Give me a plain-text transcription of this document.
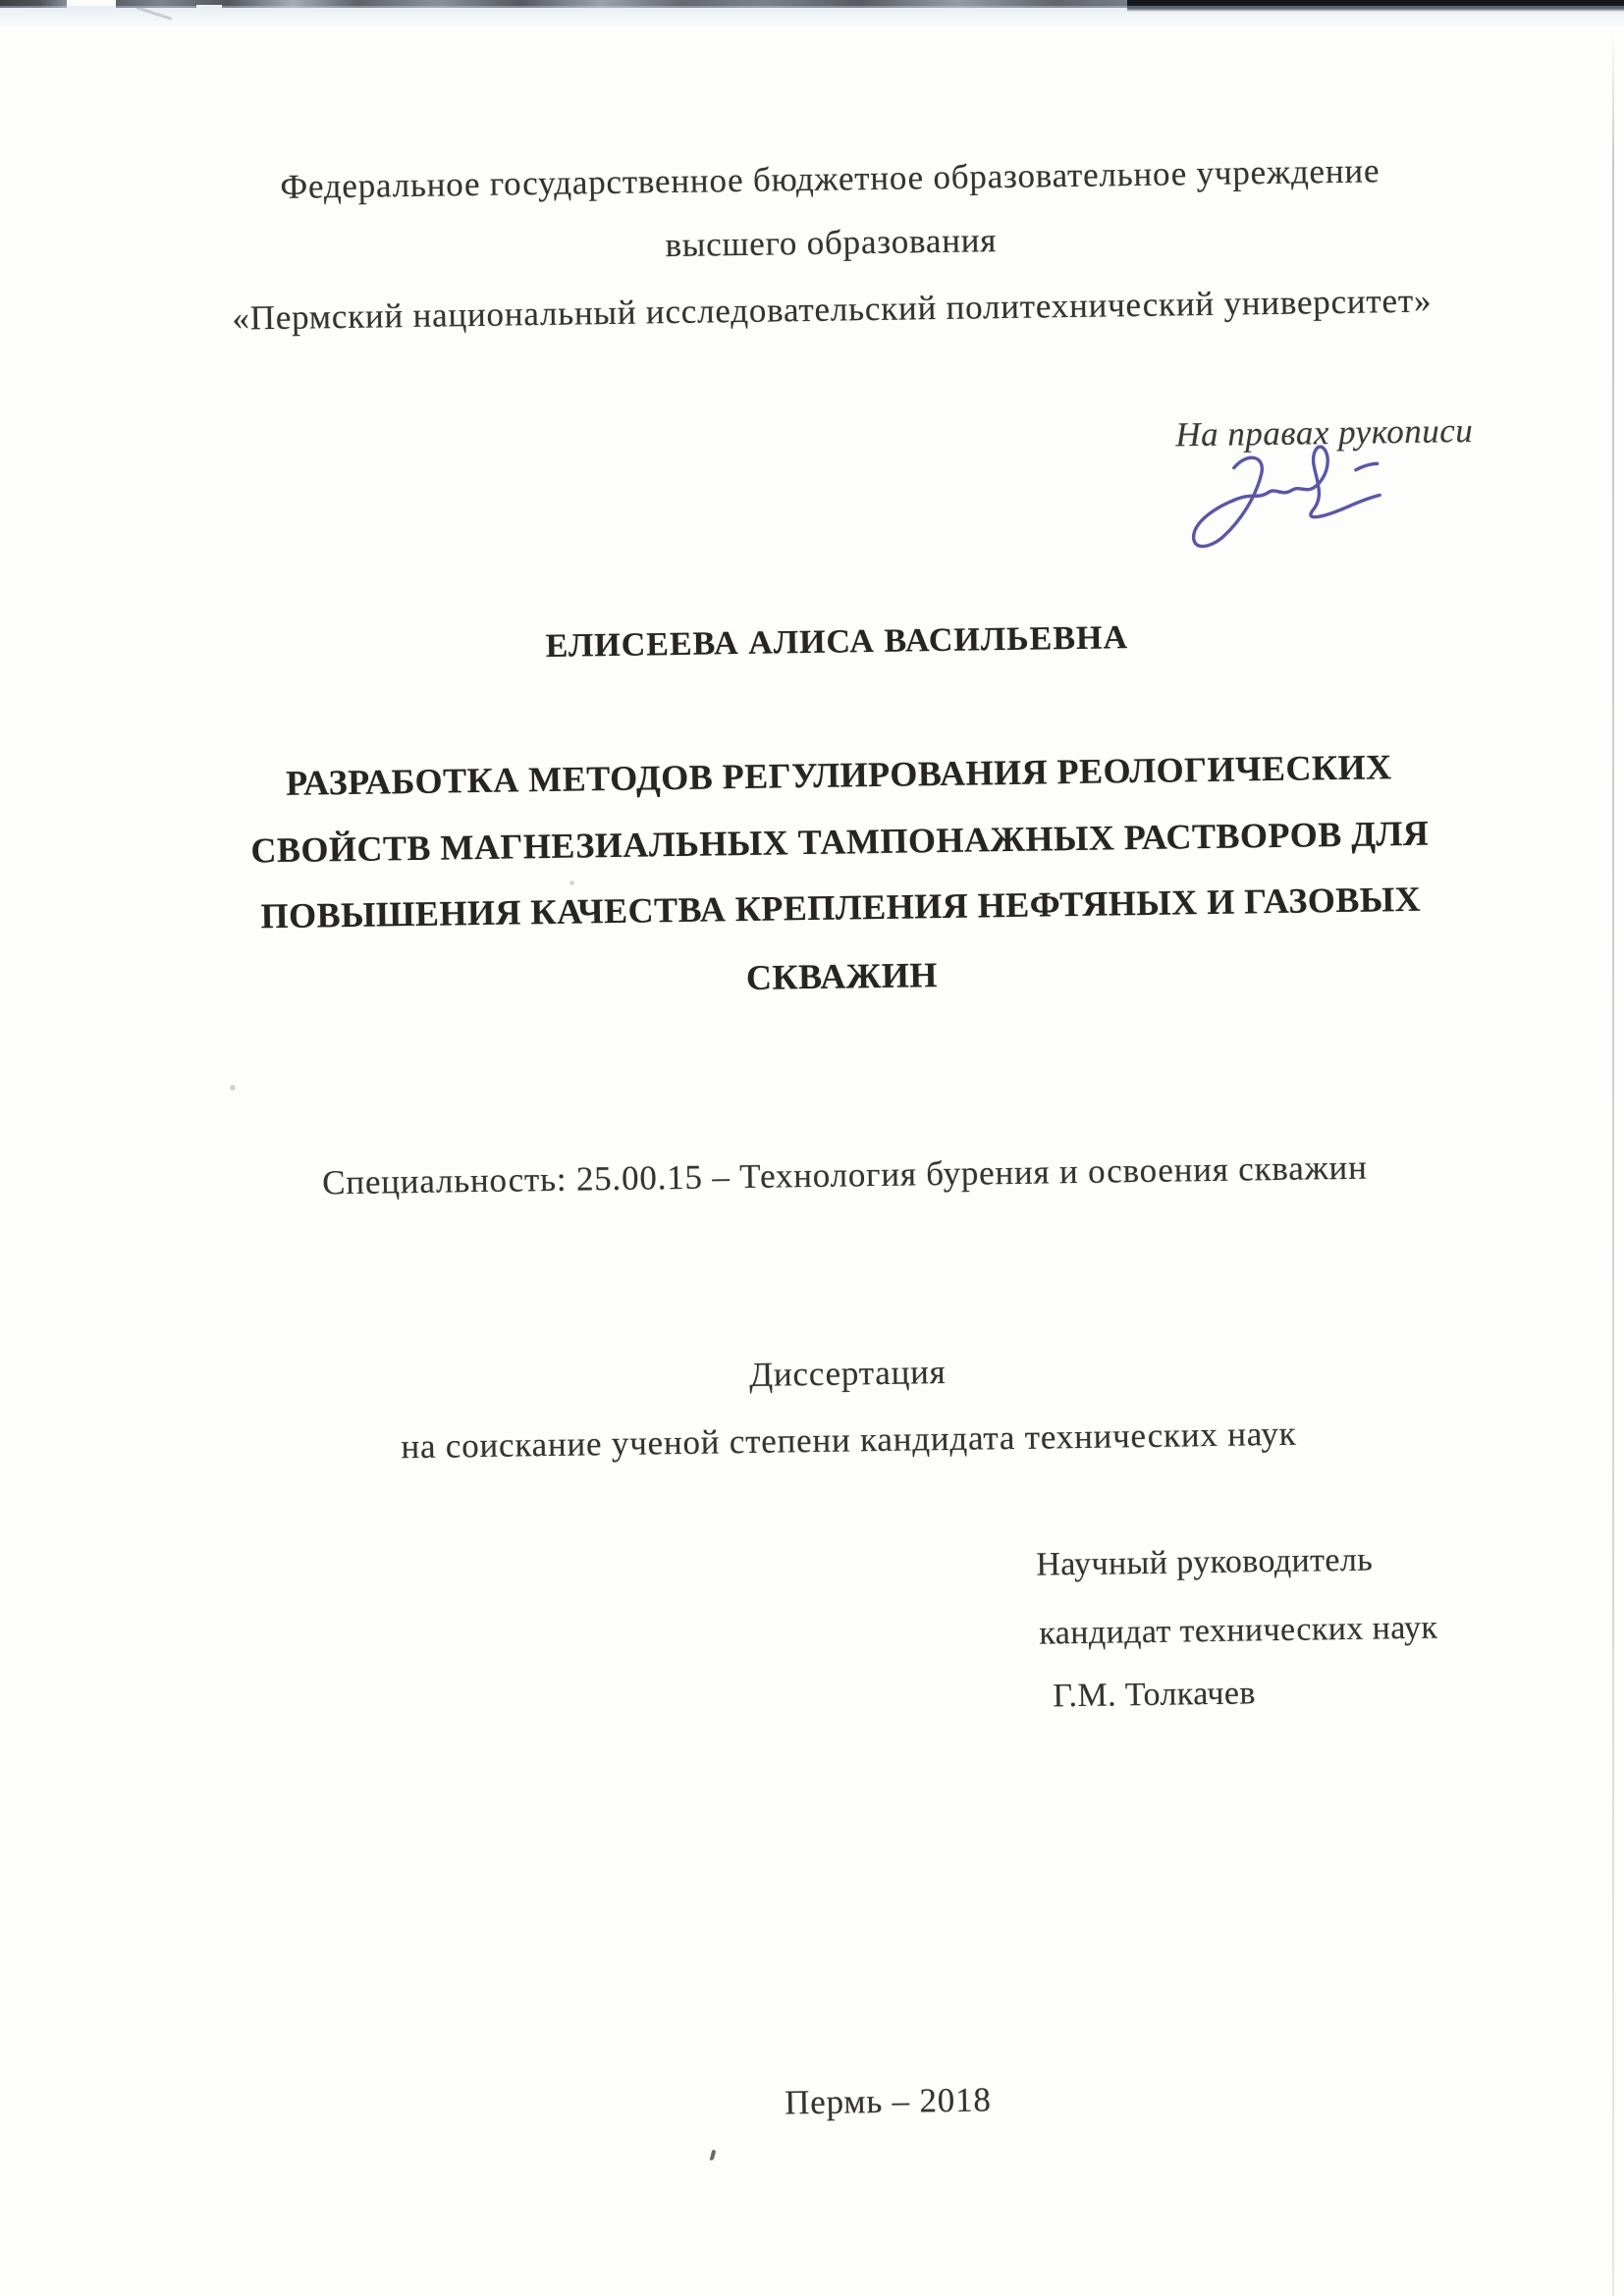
Федеральное государственное бюджетное образовательное учреждение
высшего образования
«Пермский национальный исследовательский политехнический университет»
На правах рукописи
ЕЛИСЕЕВА АЛИСА ВАСИЛЬЕВНА
РАЗРАБОТКА МЕТОДОВ РЕГУЛИРОВАНИЯ РЕОЛОГИЧЕСКИХ
СВОЙСТВ МАГНЕЗИАЛЬНЫХ ТАМПОНАЖНЫХ РАСТВОРОВ ДЛЯ
ПОВЫШЕНИЯ КАЧЕСТВА КРЕПЛЕНИЯ НЕФТЯНЫХ И ГАЗОВЫХ
СКВАЖИН
Специальность: 25.00.15 – Технология бурения и освоения скважин
Диссертация
на соискание ученой степени кандидата технических наук
Научный руководитель
кандидат технических наук
Г.М. Толкачев
Пермь – 2018
